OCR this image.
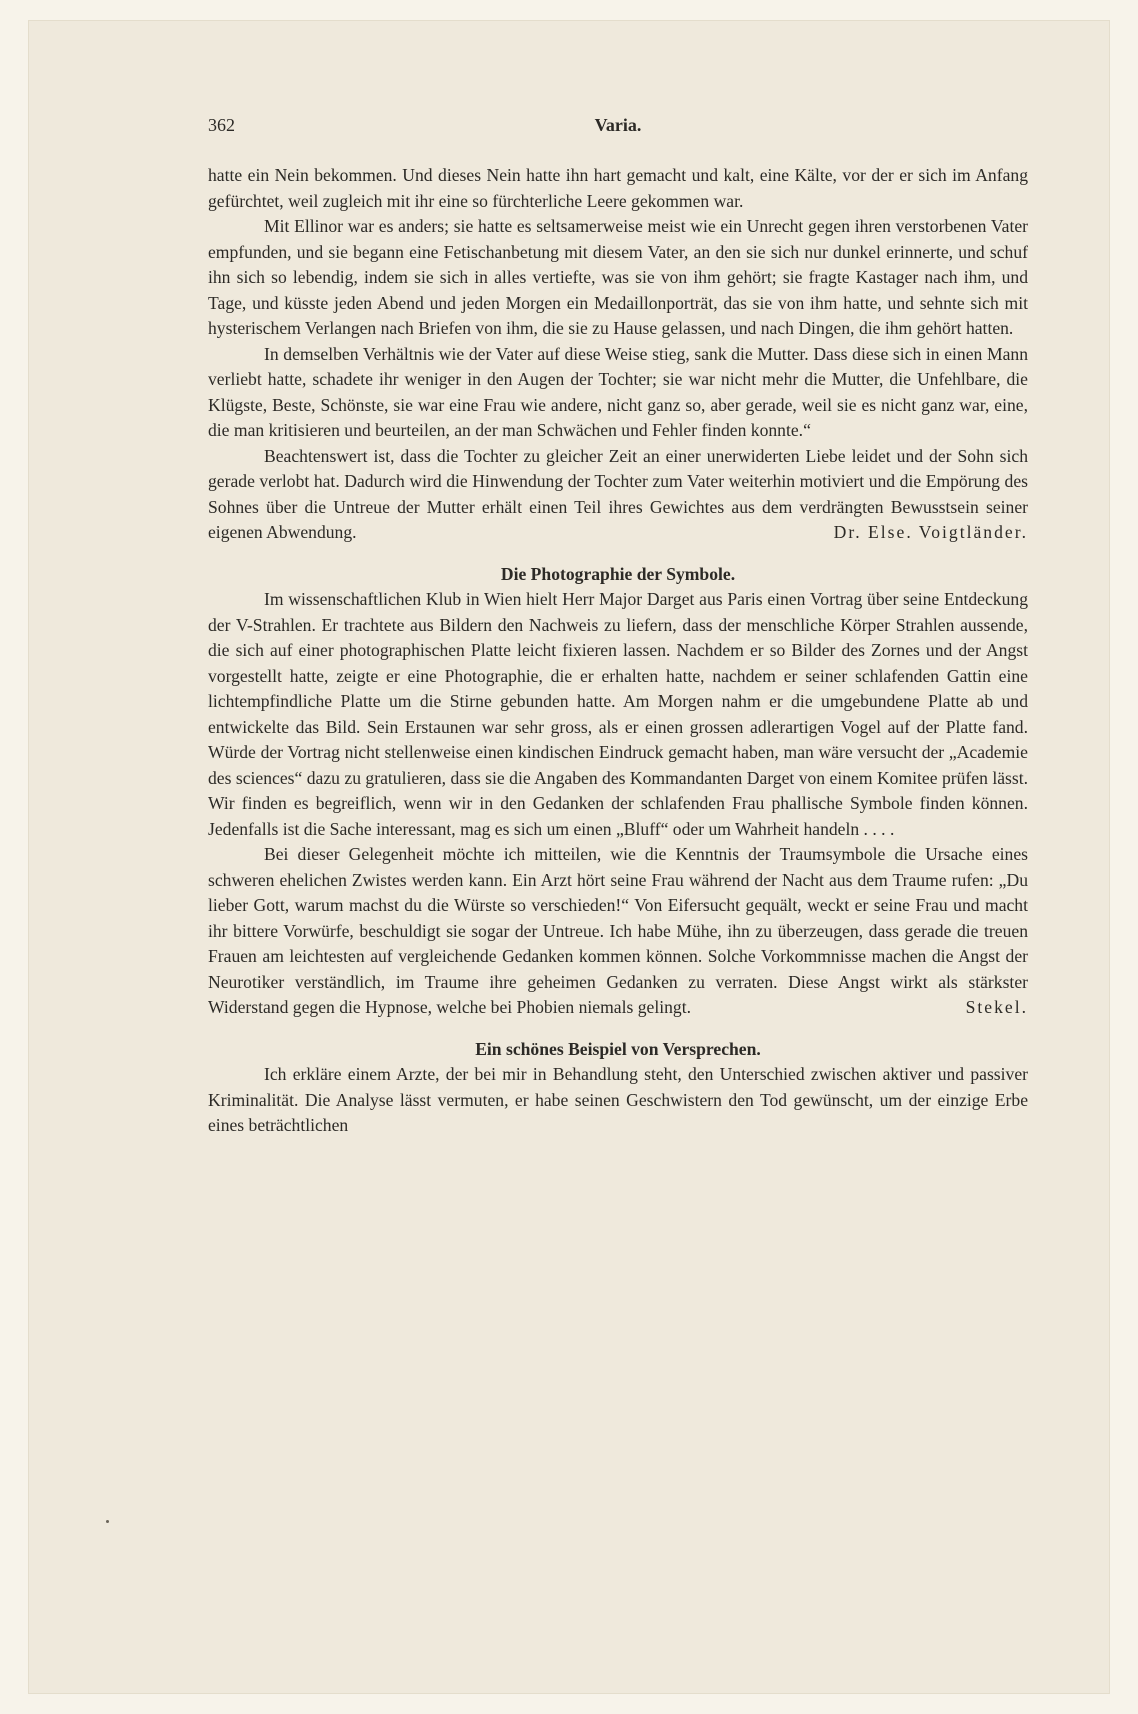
362	Varia.

hatte ein Nein bekommen. Und dieses Nein hatte ihn hart gemacht und kalt, eine Kälte, vor der er sich im Anfang gefürchtet, weil zugleich mit ihr eine so fürchterliche Leere gekommen war.

Mit Ellinor war es anders; sie hatte es seltsamerweise meist wie ein Unrecht gegen ihren verstorbenen Vater empfunden, und sie begann eine Fetischanbetung mit diesem Vater, an den sie sich nur dunkel erinnerte, und schuf ihn sich so lebendig, indem sie sich in alles vertiefte, was sie von ihm gehört; sie fragte Kastager nach ihm, und Tage, und küsste jeden Abend und jeden Morgen ein Medaillonporträt, das sie von ihm hatte, und sehnte sich mit hysterischem Verlangen nach Briefen von ihm, die sie zu Hause gelassen, und nach Dingen, die ihm gehört hatten.

In demselben Verhältnis wie der Vater auf diese Weise stieg, sank die Mutter. Dass diese sich in einen Mann verliebt hatte, schadete ihr weniger in den Augen der Tochter; sie war nicht mehr die Mutter, die Unfehlbare, die Klügste, Beste, Schönste, sie war eine Frau wie andere, nicht ganz so, aber gerade, weil sie es nicht ganz war, eine, die man kritisieren und beurteilen, an der man Schwächen und Fehler finden konnte.“

Beachtenswert ist, dass die Tochter zu gleicher Zeit an einer unerwiderten Liebe leidet und der Sohn sich gerade verlobt hat. Dadurch wird die Hinwendung der Tochter zum Vater weiterhin motiviert und die Empörung des Sohnes über die Untreue der Mutter erhält einen Teil ihres Gewichtes aus dem verdrängten Bewusstsein seiner eigenen Abwendung.	Dr. Else. Voigtländer.

Die Photographie der Symbole.

Im wissenschaftlichen Klub in Wien hielt Herr Major Darget aus Paris einen Vortrag über seine Entdeckung der V-Strahlen. Er trachtete aus Bildern den Nachweis zu liefern, dass der menschliche Körper Strahlen aussende, die sich auf einer photographischen Platte leicht fixieren lassen. Nachdem er so Bilder des Zornes und der Angst vorgestellt hatte, zeigte er eine Photographie, die er erhalten hatte, nachdem er seiner schlafenden Gattin eine lichtempfindliche Platte um die Stirne gebunden hatte. Am Morgen nahm er die umgebundene Platte ab und entwickelte das Bild. Sein Erstaunen war sehr gross, als er einen grossen adlerartigen Vogel auf der Platte fand. Würde der Vortrag nicht stellenweise einen kindischen Eindruck gemacht haben, man wäre versucht der „Academie des sciences“ dazu zu gratulieren, dass sie die Angaben des Kommandanten Darget von einem Komitee prüfen lässt. Wir finden es begreiflich, wenn wir in den Gedanken der schlafenden Frau phallische Symbole finden können. Jedenfalls ist die Sache interessant, mag es sich um einen „Bluff“ oder um Wahrheit handeln . . . .

Bei dieser Gelegenheit möchte ich mitteilen, wie die Kenntnis der Traumsymbole die Ursache eines schweren ehelichen Zwistes werden kann. Ein Arzt hört seine Frau während der Nacht aus dem Traume rufen: „Du lieber Gott, warum machst du die Würste so verschieden!“ Von Eifersucht gequält, weckt er seine Frau und macht ihr bittere Vorwürfe, beschuldigt sie sogar der Untreue. Ich habe Mühe, ihn zu überzeugen, dass gerade die treuen Frauen am leichtesten auf vergleichende Gedanken kommen können. Solche Vorkommnisse machen die Angst der Neurotiker verständlich, im Traume ihre geheimen Gedanken zu verraten. Diese Angst wirkt als stärkster Widerstand gegen die Hypnose, welche bei Phobien niemals gelingt.	Stekel.

Ein schönes Beispiel von Versprechen.

Ich erkläre einem Arzte, der bei mir in Behandlung steht, den Unterschied zwischen aktiver und passiver Kriminalität. Die Analyse lässt vermuten, er habe seinen Geschwistern den Tod gewünscht, um der einzige Erbe eines beträchtlichen
